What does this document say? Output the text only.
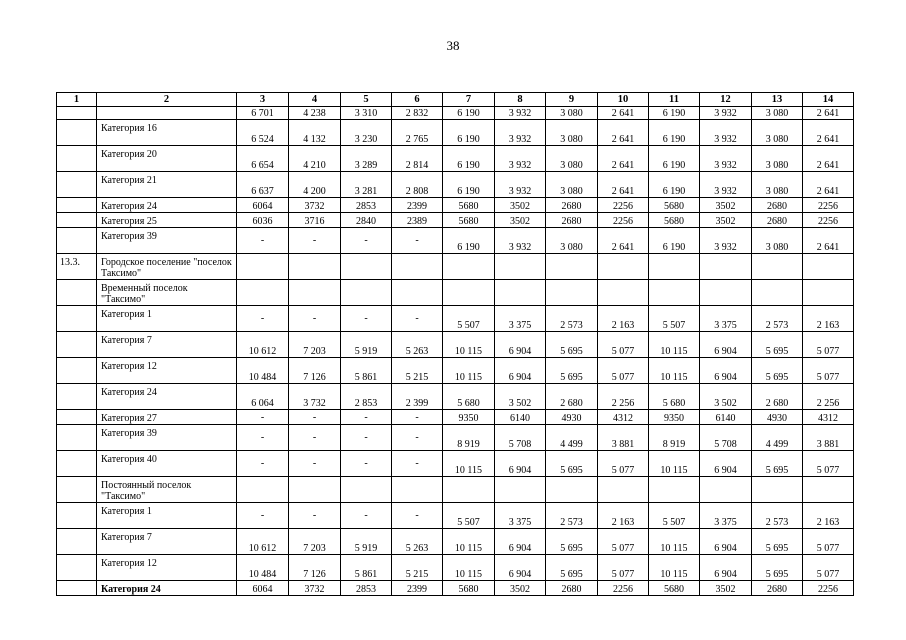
38
1	2	3	4	5	6	7	8	9	10	11	12	13	14
		6 701	4 238	3 310	2 832	6 190	3 932	3 080	2 641	6 190	3 932	3 080	2 641
	Категория 16	6 524	4 132	3 230	2 765	6 190	3 932	3 080	2 641	6 190	3 932	3 080	2 641
	Категория 20	6 654	4 210	3 289	2 814	6 190	3 932	3 080	2 641	6 190	3 932	3 080	2 641
	Категория 21	6 637	4 200	3 281	2 808	6 190	3 932	3 080	2 641	6 190	3 932	3 080	2 641
	Категория 24	6064	3732	2853	2399	5680	3502	2680	2256	5680	3502	2680	2256
	Категория 25	6036	3716	2840	2389	5680	3502	2680	2256	5680	3502	2680	2256
	Категория 39	-	-	-	-	6 190	3 932	3 080	2 641	6 190	3 932	3 080	2 641
13.3.	Городское поселение "поселок Таксимо"												
	Временный поселок "Таксимо"												
	Категория 1	-	-	-	-	5 507	3 375	2 573	2 163	5 507	3 375	2 573	2 163
	Категория 7	10 612	7 203	5 919	5 263	10 115	6 904	5 695	5 077	10 115	6 904	5 695	5 077
	Категория 12	10 484	7 126	5 861	5 215	10 115	6 904	5 695	5 077	10 115	6 904	5 695	5 077
	Категория 24	6 064	3 732	2 853	2 399	5 680	3 502	2 680	2 256	5 680	3 502	2 680	2 256
	Категория 27	-	-	-	-	9350	6140	4930	4312	9350	6140	4930	4312
	Категория 39	-	-	-	-	8 919	5 708	4 499	3 881	8 919	5 708	4 499	3 881
	Категория 40	-	-	-	-	10 115	6 904	5 695	5 077	10 115	6 904	5 695	5 077
	Постоянный поселок "Таксимо"												
	Категория 1	-	-	-	-	5 507	3 375	2 573	2 163	5 507	3 375	2 573	2 163
	Категория 7	10 612	7 203	5 919	5 263	10 115	6 904	5 695	5 077	10 115	6 904	5 695	5 077
	Категория 12	10 484	7 126	5 861	5 215	10 115	6 904	5 695	5 077	10 115	6 904	5 695	5 077
	Категория 24	6064	3732	2853	2399	5680	3502	2680	2256	5680	3502	2680	2256
